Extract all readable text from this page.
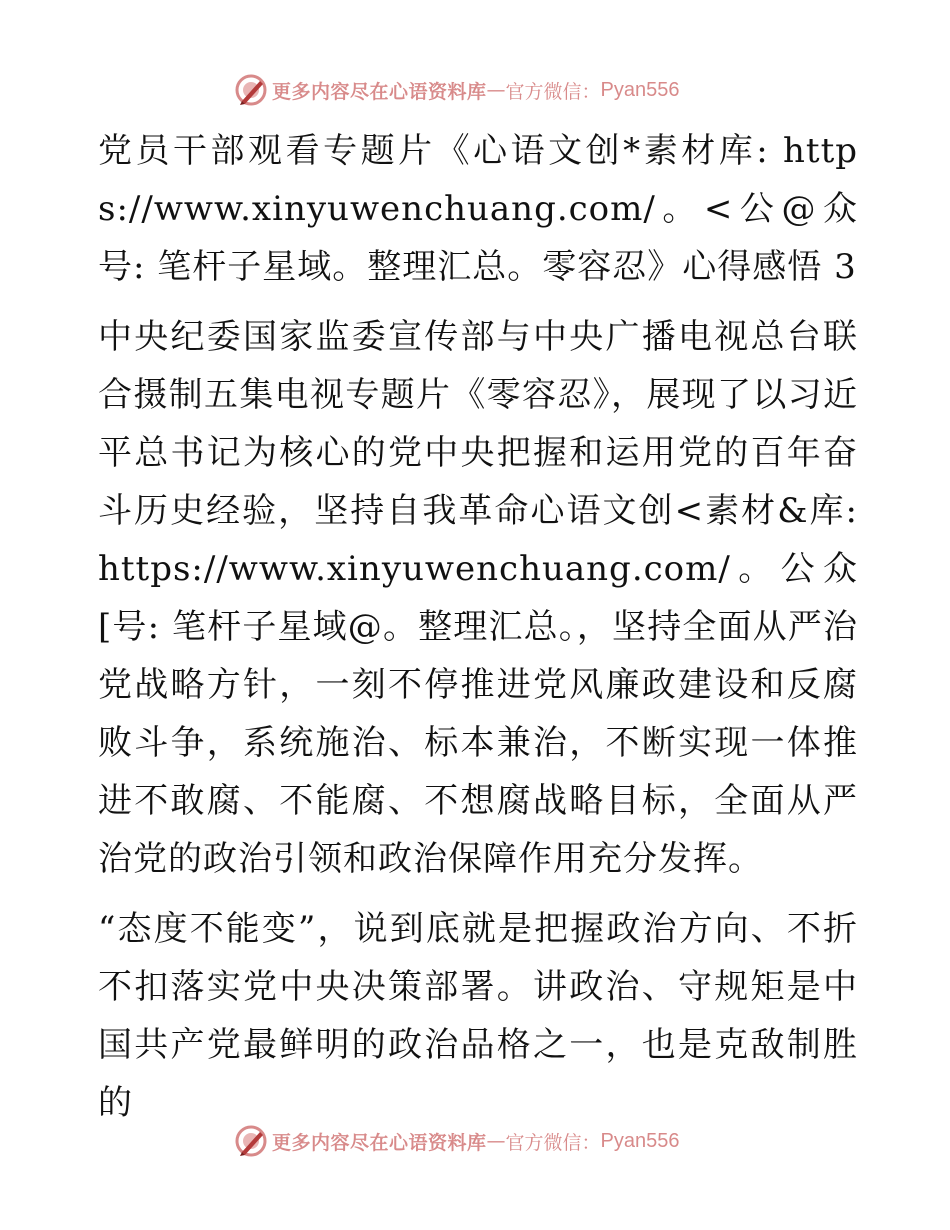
更多内容尽在心语资料库 — 官方微信： Pyan556

党员干部观看专题片《心语文创*素材库: https://www.xinyuwenchuang.com/。<公@众号: 笔杆子星域。整理汇总。零容忍》心得感悟 3

中央纪委国家监委宣传部与中央广播电视总台联合摄制五集电视专题片《零容忍》，展现了以习近平总书记为核心的党中央把握和运用党的百年奋斗历史经验，坚持自我革命心语文创<素材&库: https://www.xinyuwenchuang.com/。公众[号: 笔杆子星域@。整理汇总。，坚持全面从严治党战略方针，一刻不停推进党风廉政建设和反腐败斗争，系统施治、标本兼治，不断实现一体推进不敢腐、不能腐、不想腐战略目标，全面从严治党的政治引领和政治保障作用充分发挥。

“态度不能变”，说到底就是把握政治方向、不折不扣落实党中央决策部署。讲政治、守规矩是中国共产党最鲜明的政治品格之一，也是克敌制胜的

更多内容尽在心语资料库 — 官方微信： Pyan556
